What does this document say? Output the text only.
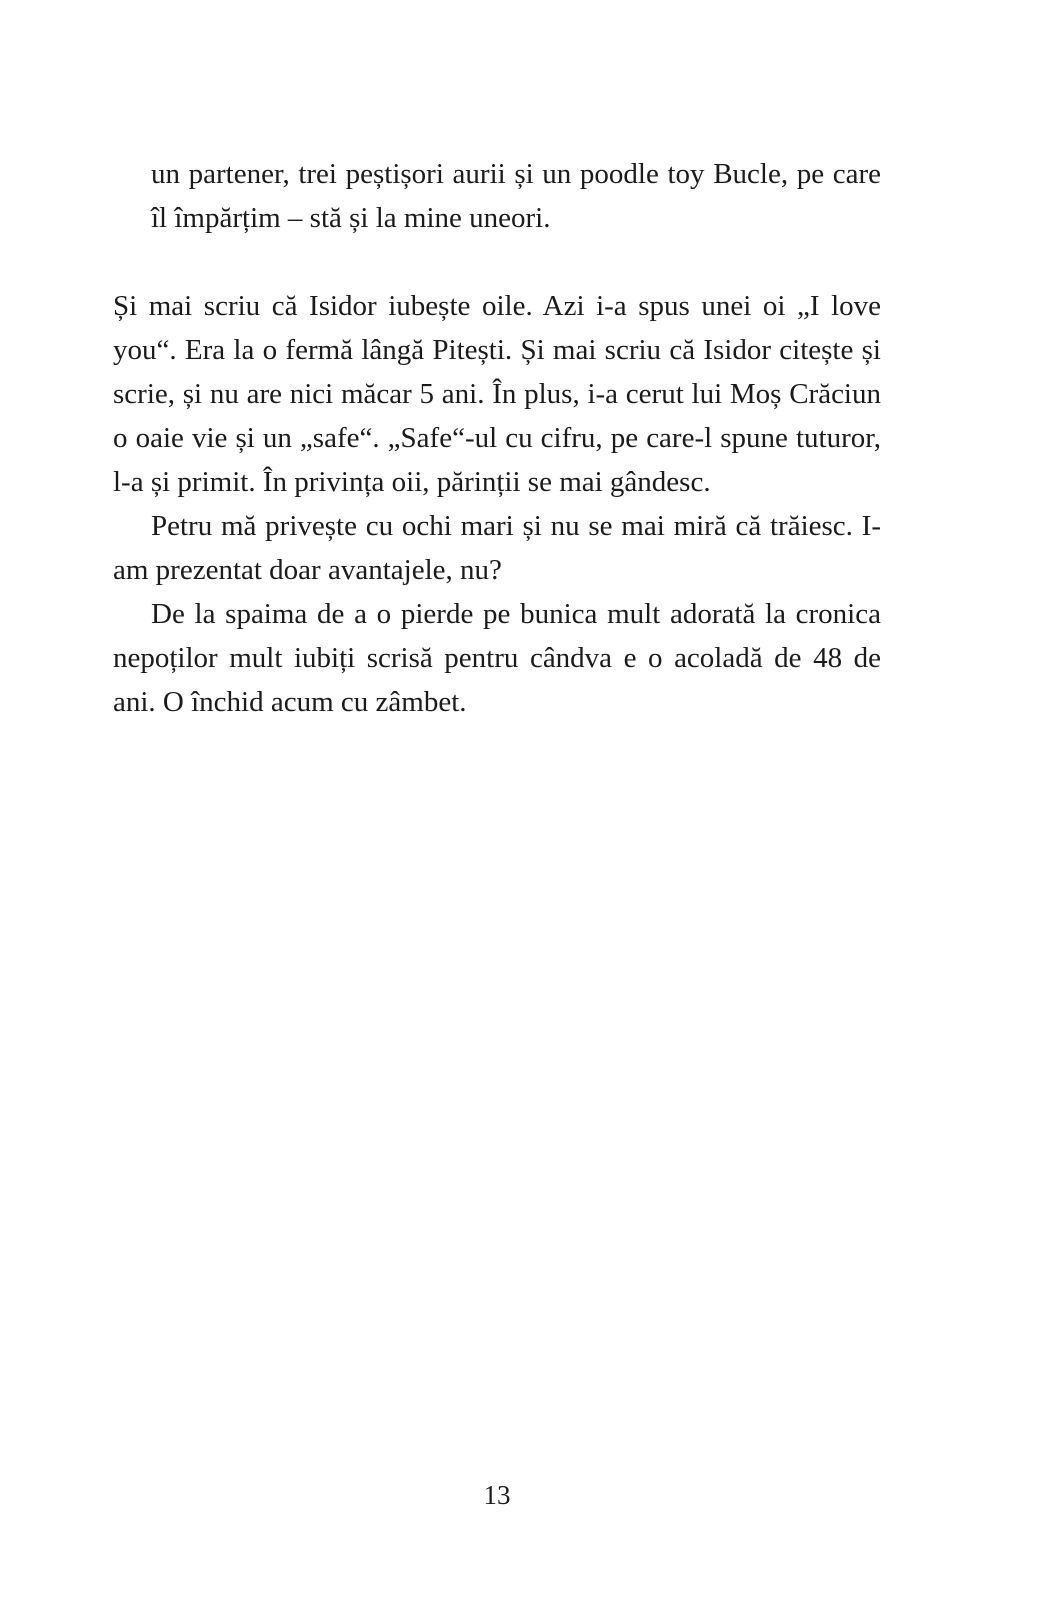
un partener, trei peștișori aurii și un poodle toy Bucle, pe care îl împărțim – stă și la mine uneori.

Și mai scriu că Isidor iubește oile. Azi i-a spus unei oi „I love you“. Era la o fermă lângă Pitești. Și mai scriu că Isidor citește și scrie, și nu are nici măcar 5 ani. În plus, i-a cerut lui Moș Crăciun o oaie vie și un „safe“. „Safe“-ul cu cifru, pe care-l spune tuturor, l-a și primit. În privința oii, părinții se mai gândesc.

Petru mă privește cu ochi mari și nu se mai miră că trăiesc. I-am prezentat doar avantajele, nu?

De la spaima de a o pierde pe bunica mult adorată la cronica nepoților mult iubiți scrisă pentru cândva e o acoladă de 48 de ani. O închid acum cu zâmbet.

13
